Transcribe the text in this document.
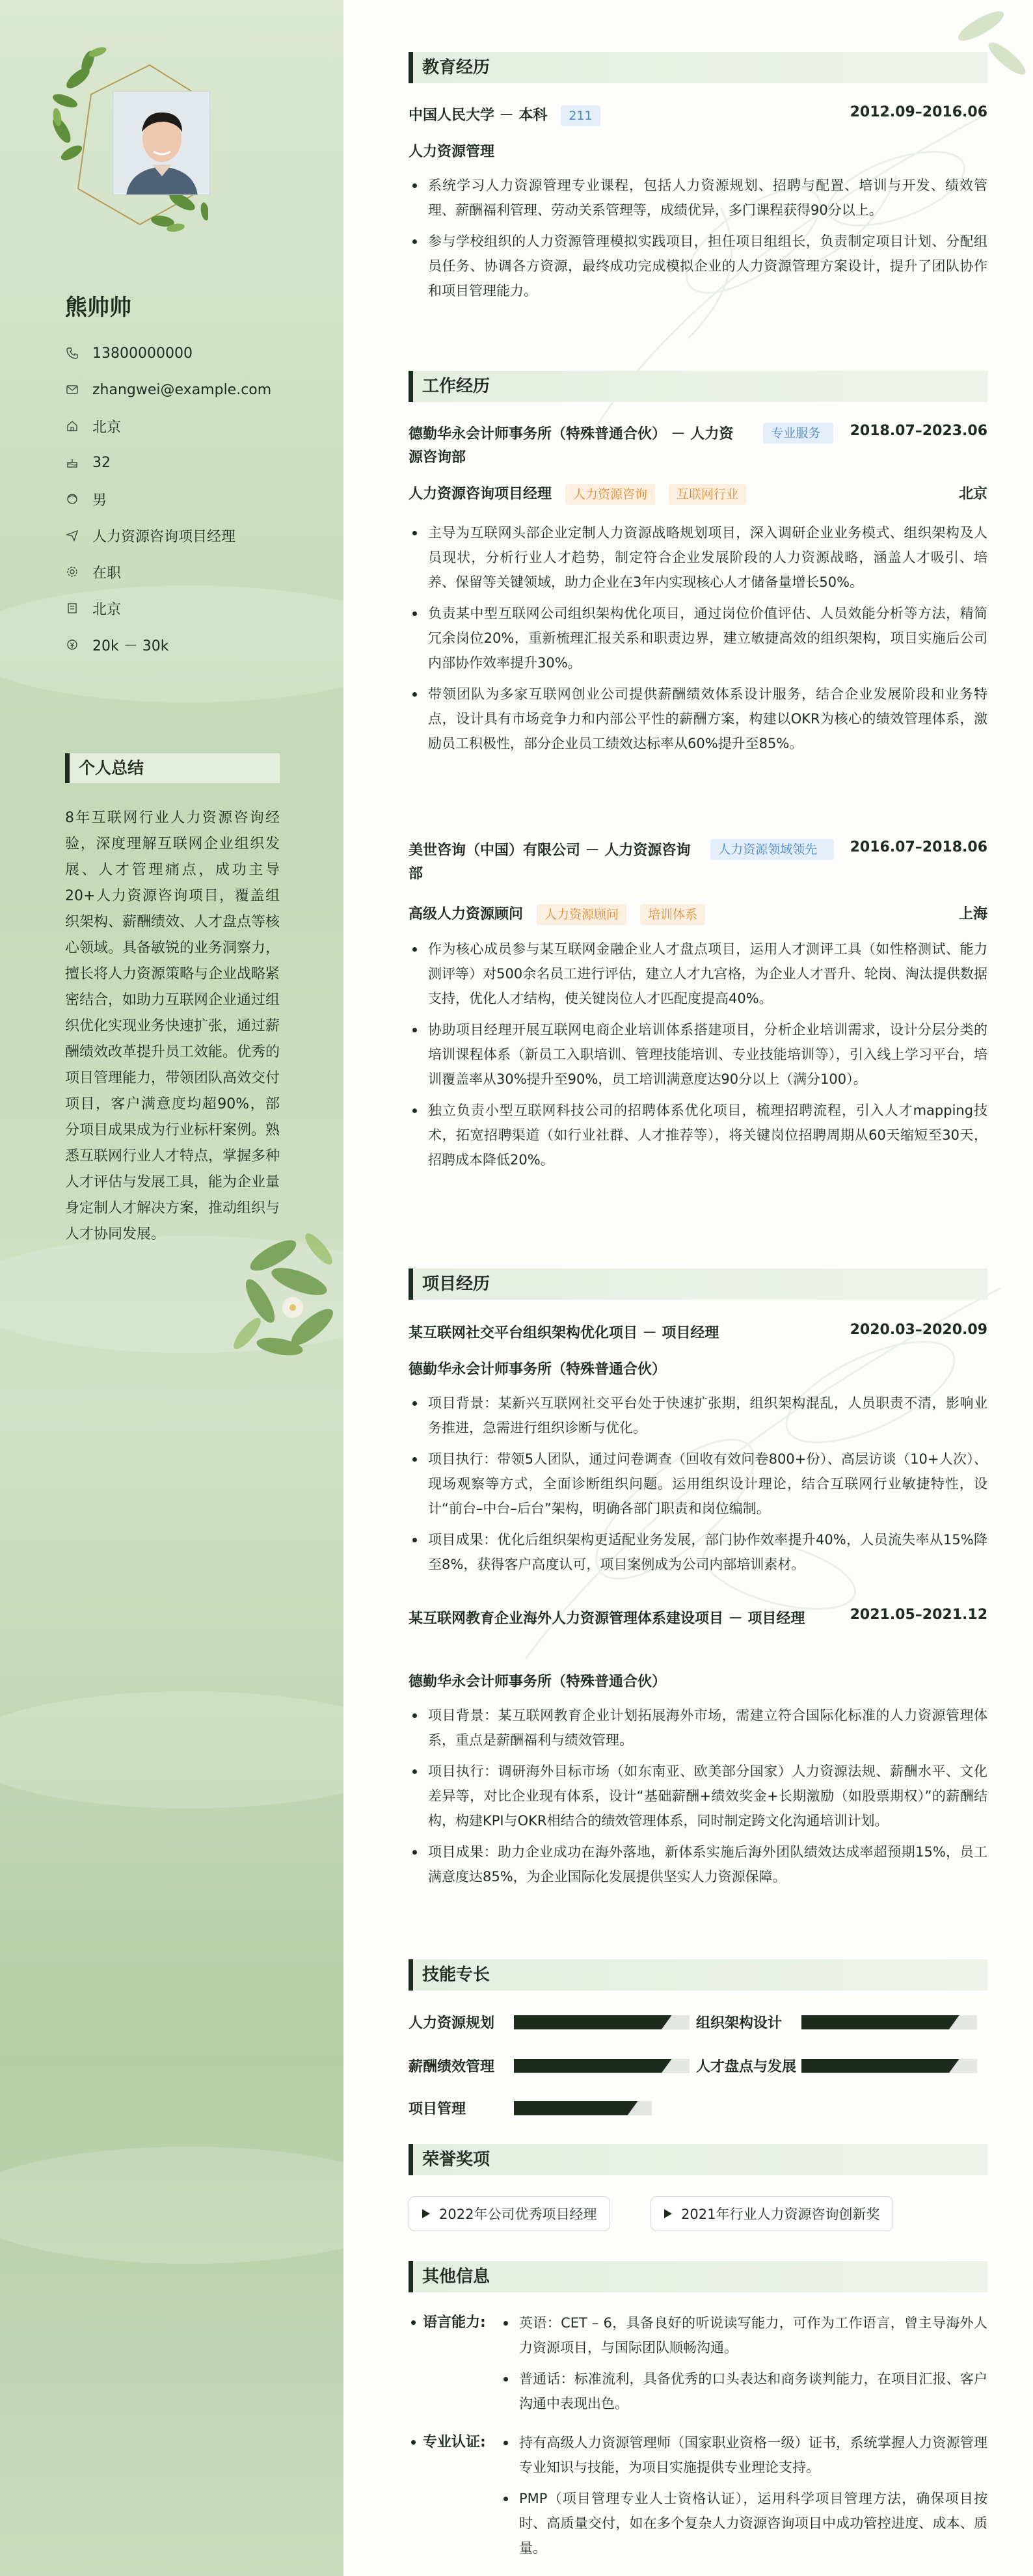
熊帅帅
13800000000
zhangwei@example.com
北京
32
男
人力资源咨询项目经理
在职
北京
20k － 30k
个人总结
8年互联网行业人力资源咨询经验，深度理解互联网企业组织发展、人才管理痛点，成功主导20+人力资源咨询项目，覆盖组织架构、薪酬绩效、人才盘点等核心领域。具备敏锐的业务洞察力，擅长将人力资源策略与企业战略紧密结合，如助力互联网企业通过组织优化实现业务快速扩张，通过薪酬绩效改革提升员工效能。优秀的项目管理能力，带领团队高效交付项目，客户满意度均超90%，部分项目成果成为行业标杆案例。熟悉互联网行业人才特点，掌握多种人才评估与发展工具，能为企业量身定制人才解决方案，推动组织与人才协同发展。
教育经历
中国人民大学 － 本科 211	2012.09–2016.06
人力资源管理
系统学习人力资源管理专业课程，包括人力资源规划、招聘与配置、培训与开发、绩效管理、薪酬福利管理、劳动关系管理等，成绩优异，多门课程获得90分以上。
参与学校组织的人力资源管理模拟实践项目，担任项目组组长，负责制定项目计划、分配组员任务、协调各方资源，最终成功完成模拟企业的人力资源管理方案设计，提升了团队协作和项目管理能力。
工作经历
德勤华永会计师事务所（特殊普通合伙） － 人力资源咨询部
专业服务	2018.07–2023.06
人力资源咨询项目经理 人力资源咨询 互联网行业	北京
主导为互联网头部企业定制人力资源战略规划项目，深入调研企业业务模式、组织架构及人员现状，分析行业人才趋势，制定符合企业发展阶段的人力资源战略，涵盖人才吸引、培养、保留等关键领域，助力企业在3年内实现核心人才储备量增长50%。
负责某中型互联网公司组织架构优化项目，通过岗位价值评估、人员效能分析等方法，精简冗余岗位20%，重新梳理汇报关系和职责边界，建立敏捷高效的组织架构，项目实施后公司内部协作效率提升30%。
带领团队为多家互联网创业公司提供薪酬绩效体系设计服务，结合企业发展阶段和业务特点，设计具有市场竞争力和内部公平性的薪酬方案，构建以OKR为核心的绩效管理体系，激励员工积极性，部分企业员工绩效达标率从60%提升至85%。
美世咨询（中国）有限公司 － 人力资源咨询部
人力资源领域领先	2016.07–2018.06
高级人力资源顾问 人力资源顾问 培训体系	上海
作为核心成员参与某互联网金融企业人才盘点项目，运用人才测评工具（如性格测试、能力测评等）对500余名员工进行评估，建立人才九宫格，为企业人才晋升、轮岗、淘汰提供数据支持，优化人才结构，使关键岗位人才匹配度提高40%。
协助项目经理开展互联网电商企业培训体系搭建项目，分析企业培训需求，设计分层分类的培训课程体系（新员工入职培训、管理技能培训、专业技能培训等），引入线上学习平台，培训覆盖率从30%提升至90%，员工培训满意度达90分以上（满分100）。
独立负责小型互联网科技公司的招聘体系优化项目，梳理招聘流程，引入人才mapping技术，拓宽招聘渠道（如行业社群、人才推荐等），将关键岗位招聘周期从60天缩短至30天，招聘成本降低20%。
项目经历
某互联网社交平台组织架构优化项目 － 项目经理	2020.03–2020.09
德勤华永会计师事务所（特殊普通合伙）
项目背景：某新兴互联网社交平台处于快速扩张期，组织架构混乱，人员职责不清，影响业务推进，急需进行组织诊断与优化。
项目执行：带领5人团队，通过问卷调查（回收有效问卷800+份）、高层访谈（10+人次）、现场观察等方式，全面诊断组织问题。运用组织设计理论，结合互联网行业敏捷特性，设计“前台–中台–后台”架构，明确各部门职责和岗位编制。
项目成果：优化后组织架构更适配业务发展，部门协作效率提升40%，人员流失率从15%降至8%，获得客户高度认可，项目案例成为公司内部培训素材。
某互联网教育企业海外人力资源管理体系建设项目 － 项目经理	2021.05–2021.12
德勤华永会计师事务所（特殊普通合伙）
项目背景：某互联网教育企业计划拓展海外市场，需建立符合国际化标准的人力资源管理体系，重点是薪酬福利与绩效管理。
项目执行：调研海外目标市场（如东南亚、欧美部分国家）人力资源法规、薪酬水平、文化差异等，对比企业现有体系，设计“基础薪酬+绩效奖金+长期激励（如股票期权）”的薪酬结构，构建KPI与OKR相结合的绩效管理体系，同时制定跨文化沟通培训计划。
项目成果：助力企业成功在海外落地，新体系实施后海外团队绩效达成率超预期15%，员工满意度达85%，为企业国际化发展提供坚实人力资源保障。
技能专长
人力资源规划	组织架构设计
薪酬绩效管理	人才盘点与发展
项目管理
荣誉奖项
2022年公司优秀项目经理	2021年行业人力资源咨询创新奖
其他信息
语言能力:	英语：CET – 6，具备良好的听说读写能力，可作为工作语言，曾主导海外人力资源项目，与国际团队顺畅沟通。
普通话：标准流利，具备优秀的口头表达和商务谈判能力，在项目汇报、客户沟通中表现出色。
专业认证:	持有高级人力资源管理师（国家职业资格一级）证书，系统掌握人力资源管理专业知识与技能，为项目实施提供专业理论支持。
PMP（项目管理专业人士资格认证），运用科学项目管理方法，确保项目按时、高质量交付，如在多个复杂人力资源咨询项目中成功管控进度、成本、质量。
